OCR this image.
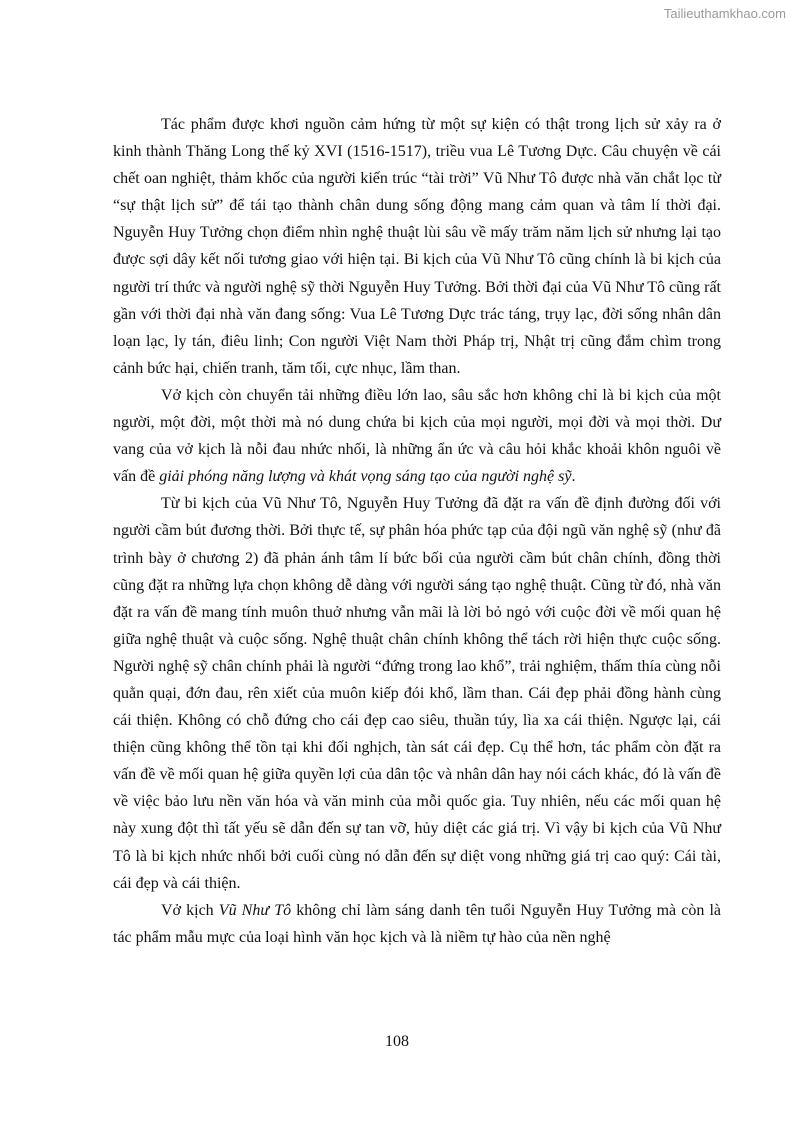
Tailieuthamkhao.com

Tác phẩm được khơi nguồn cảm hứng từ một sự kiện có thật trong lịch sử xảy ra ở kinh thành Thăng Long thế kỷ XVI (1516-1517), triều vua Lê Tương Dực. Câu chuyện về cái chết oan nghiệt, thảm khốc của người kiến trúc “tài trời” Vũ Như Tô được nhà văn chắt lọc từ “sự thật lịch sử” để tái tạo thành chân dung sống động mang cảm quan và tâm lí thời đại. Nguyễn Huy Tưởng chọn điểm nhìn nghệ thuật lùi sâu về mấy trăm năm lịch sử nhưng lại tạo được sợi dây kết nối tương giao với hiện tại. Bi kịch của Vũ Như Tô cũng chính là bi kịch của người trí thức và người nghệ sỹ thời Nguyễn Huy Tưởng. Bởi thời đại của Vũ Như Tô cũng rất gần với thời đại nhà văn đang sống: Vua Lê Tương Dực trác táng, trụy lạc, đời sống nhân dân loạn lạc, ly tán, điêu linh; Con người Việt Nam thời Pháp trị, Nhật trị cũng đắm chìm trong cảnh bức hại, chiến tranh, tăm tối, cực nhục, lầm than.

Vở kịch còn chuyển tải những điều lớn lao, sâu sắc hơn không chỉ là bi kịch của một người, một đời, một thời mà nó dung chứa bi kịch của mọi người, mọi đời và mọi thời. Dư vang của vở kịch là nỗi đau nhức nhối, là những ẩn ức và câu hỏi khắc khoải khôn nguôi về vấn đề giải phóng năng lượng và khát vọng sáng tạo của người nghệ sỹ.

Từ bi kịch của Vũ Như Tô, Nguyễn Huy Tưởng đã đặt ra vấn đề định đường đối với người cầm bút đương thời. Bởi thực tế, sự phân hóa phức tạp của đội ngũ văn nghệ sỹ (như đã trình bày ở chương 2) đã phản ánh tâm lí bức bối của người cầm bút chân chính, đồng thời cũng đặt ra những lựa chọn không dễ dàng với người sáng tạo nghệ thuật. Cũng từ đó, nhà văn đặt ra vấn đề mang tính muôn thuở nhưng vẫn mãi là lời bỏ ngỏ với cuộc đời về mối quan hệ giữa nghệ thuật và cuộc sống. Nghệ thuật chân chính không thể tách rời hiện thực cuộc sống. Người nghệ sỹ chân chính phải là người “đứng trong lao khổ”, trải nghiệm, thấm thía cùng nỗi quằn quại, đớn đau, rên xiết của muôn kiếp đói khổ, lầm than. Cái đẹp phải đồng hành cùng cái thiện. Không có chỗ đứng cho cái đẹp cao siêu, thuần túy, lìa xa cái thiện. Ngược lại, cái thiện cũng không thể tồn tại khi đối nghịch, tàn sát cái đẹp. Cụ thể hơn, tác phẩm còn đặt ra vấn đề về mối quan hệ giữa quyền lợi của dân tộc và nhân dân hay nói cách khác, đó là vấn đề về việc bảo lưu nền văn hóa và văn minh của mỗi quốc gia. Tuy nhiên, nếu các mối quan hệ này xung đột thì tất yếu sẽ dẫn đến sự tan vỡ, hủy diệt các giá trị. Vì vậy bi kịch của Vũ Như Tô là bi kịch nhức nhối bởi cuối cùng nó dẫn đến sự diệt vong những giá trị cao quý: Cái tài, cái đẹp và cái thiện.

Vở kịch Vũ Như Tô không chỉ làm sáng danh tên tuổi Nguyễn Huy Tưởng mà còn là tác phẩm mẫu mực của loại hình văn học kịch và là niềm tự hào của nền nghệ

108
